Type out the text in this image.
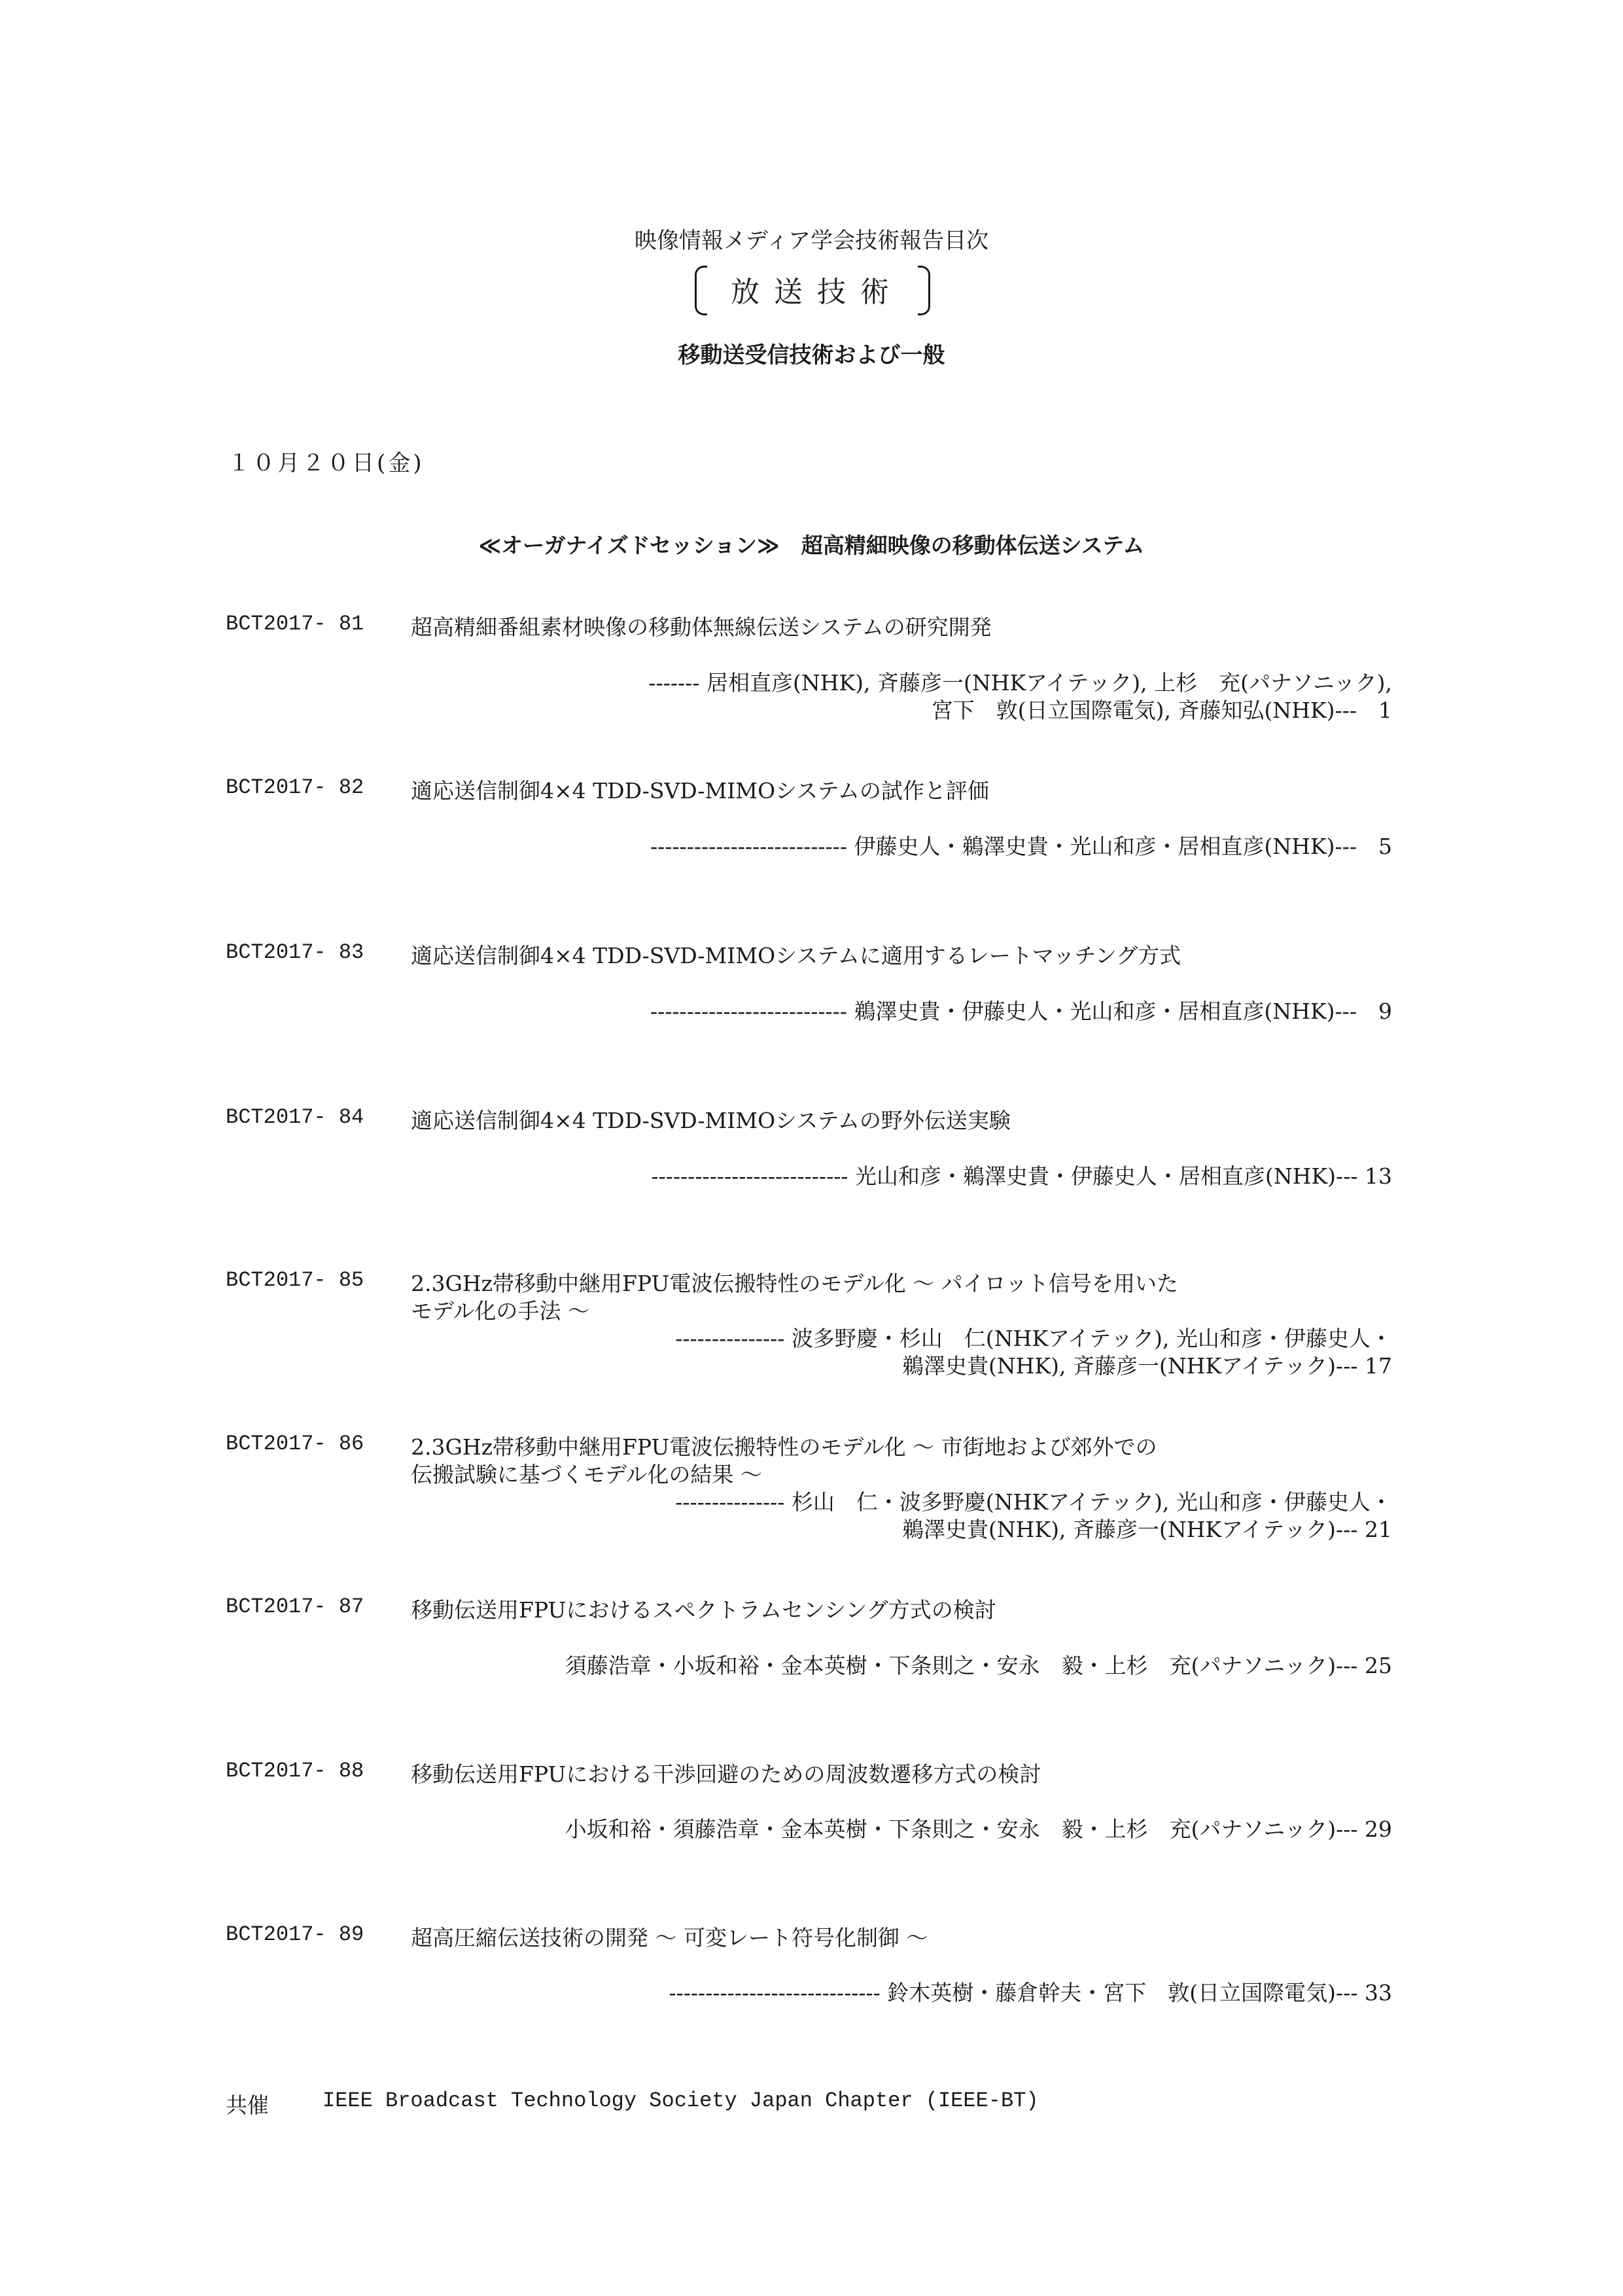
映像情報メディア学会技術報告目次
放送技術
移動送受信技術および一般
１０月２０日(金)
≪オーガナイズドセッション≫　超高精細映像の移動体伝送システム
BCT2017- 81 超高精細番組素材映像の移動体無線伝送システムの研究開発
------- 居相直彦(NHK), 斉藤彦一(NHKアイテック), 上杉　充(パナソニック),
宮下　敦(日立国際電気), 斉藤知弘(NHK)---　1
BCT2017- 82 適応送信制御4×4 TDD-SVD-MIMOシステムの試作と評価
--------------------------- 伊藤史人・鵜澤史貴・光山和彦・居相直彦(NHK)---　5
BCT2017- 83 適応送信制御4×4 TDD-SVD-MIMOシステムに適用するレートマッチング方式
--------------------------- 鵜澤史貴・伊藤史人・光山和彦・居相直彦(NHK)---　9
BCT2017- 84 適応送信制御4×4 TDD-SVD-MIMOシステムの野外伝送実験
--------------------------- 光山和彦・鵜澤史貴・伊藤史人・居相直彦(NHK)--- 13
BCT2017- 85 2.3GHz帯移動中継用FPU電波伝搬特性のモデル化 ～ パイロット信号を用いた
モデル化の手法 ～
--------------- 波多野慶・杉山　仁(NHKアイテック), 光山和彦・伊藤史人・
鵜澤史貴(NHK), 斉藤彦一(NHKアイテック)--- 17
BCT2017- 86 2.3GHz帯移動中継用FPU電波伝搬特性のモデル化 ～ 市街地および郊外での
伝搬試験に基づくモデル化の結果 ～
--------------- 杉山　仁・波多野慶(NHKアイテック), 光山和彦・伊藤史人・
鵜澤史貴(NHK), 斉藤彦一(NHKアイテック)--- 21
BCT2017- 87 移動伝送用FPUにおけるスペクトラムセンシング方式の検討
須藤浩章・小坂和裕・金本英樹・下条則之・安永　毅・上杉　充(パナソニック)--- 25
BCT2017- 88 移動伝送用FPUにおける干渉回避のための周波数遷移方式の検討
小坂和裕・須藤浩章・金本英樹・下条則之・安永　毅・上杉　充(パナソニック)--- 29
BCT2017- 89 超高圧縮伝送技術の開発 ～ 可変レート符号化制御 ～
----------------------------- 鈴木英樹・藤倉幹夫・宮下　敦(日立国際電気)--- 33
共催	IEEE Broadcast Technology Society Japan Chapter (IEEE-BT)
